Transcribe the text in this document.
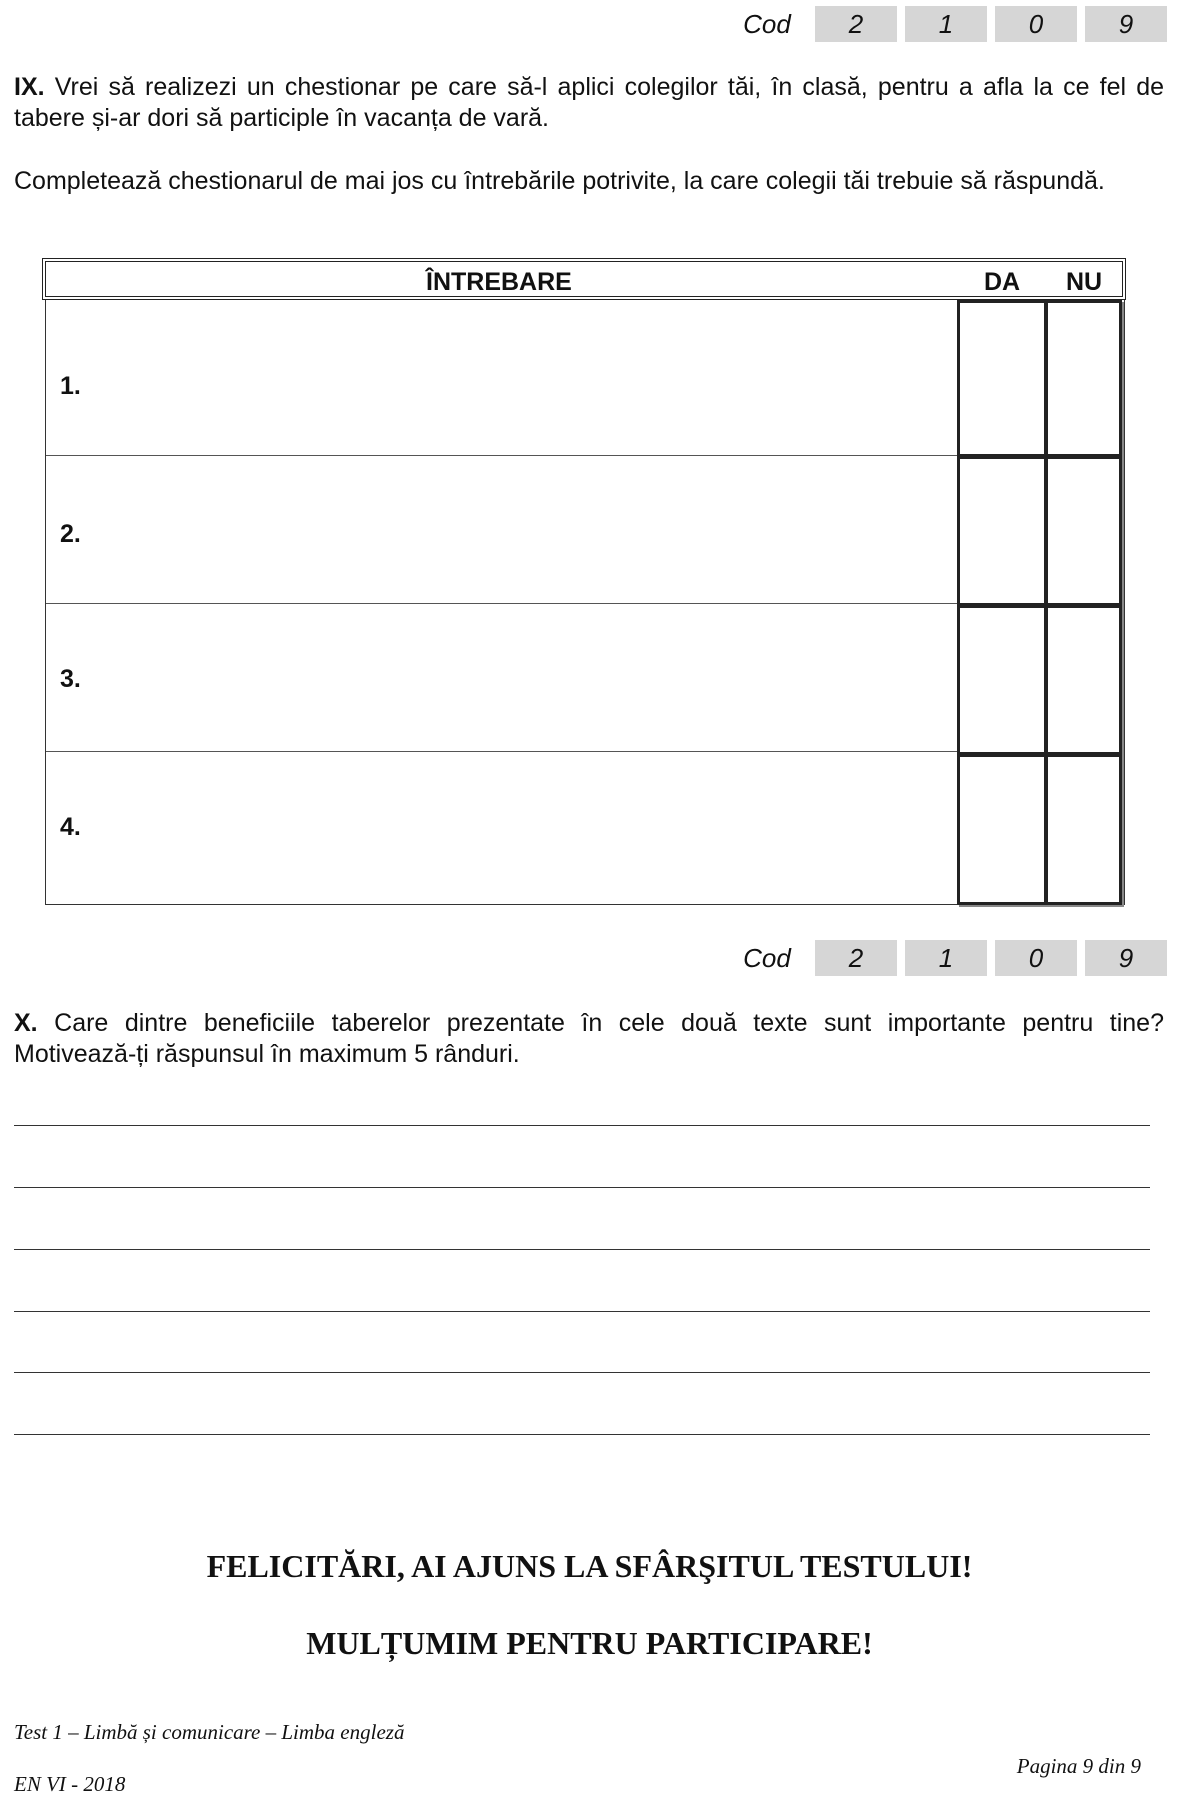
Cod	2	1	0	9
IX. Vrei să realizezi un chestionar pe care să-l aplici colegilor tăi, în clasă, pentru a afla la ce fel de tabere și-ar dori să participle în vacanța de vară.
Completează chestionarul de mai jos cu întrebările potrivite, la care colegii tăi trebuie să răspundă.
ÎNTREBARE	DA NU
1.
2.
3.
4.
Cod	2	1	0	9
X. Care dintre beneficiile taberelor prezentate în cele două texte sunt importante pentru tine? Motivează-ți răspunsul în maximum 5 rânduri.
FELICITĂRI, AI AJUNS LA SFÂRŞITUL TESTULUI!
MULȚUMIM PENTRU PARTICIPARE!
Test 1 – Limbă și comunicare – Limba engleză
EN VI - 2018
Pagina 9 din 9
